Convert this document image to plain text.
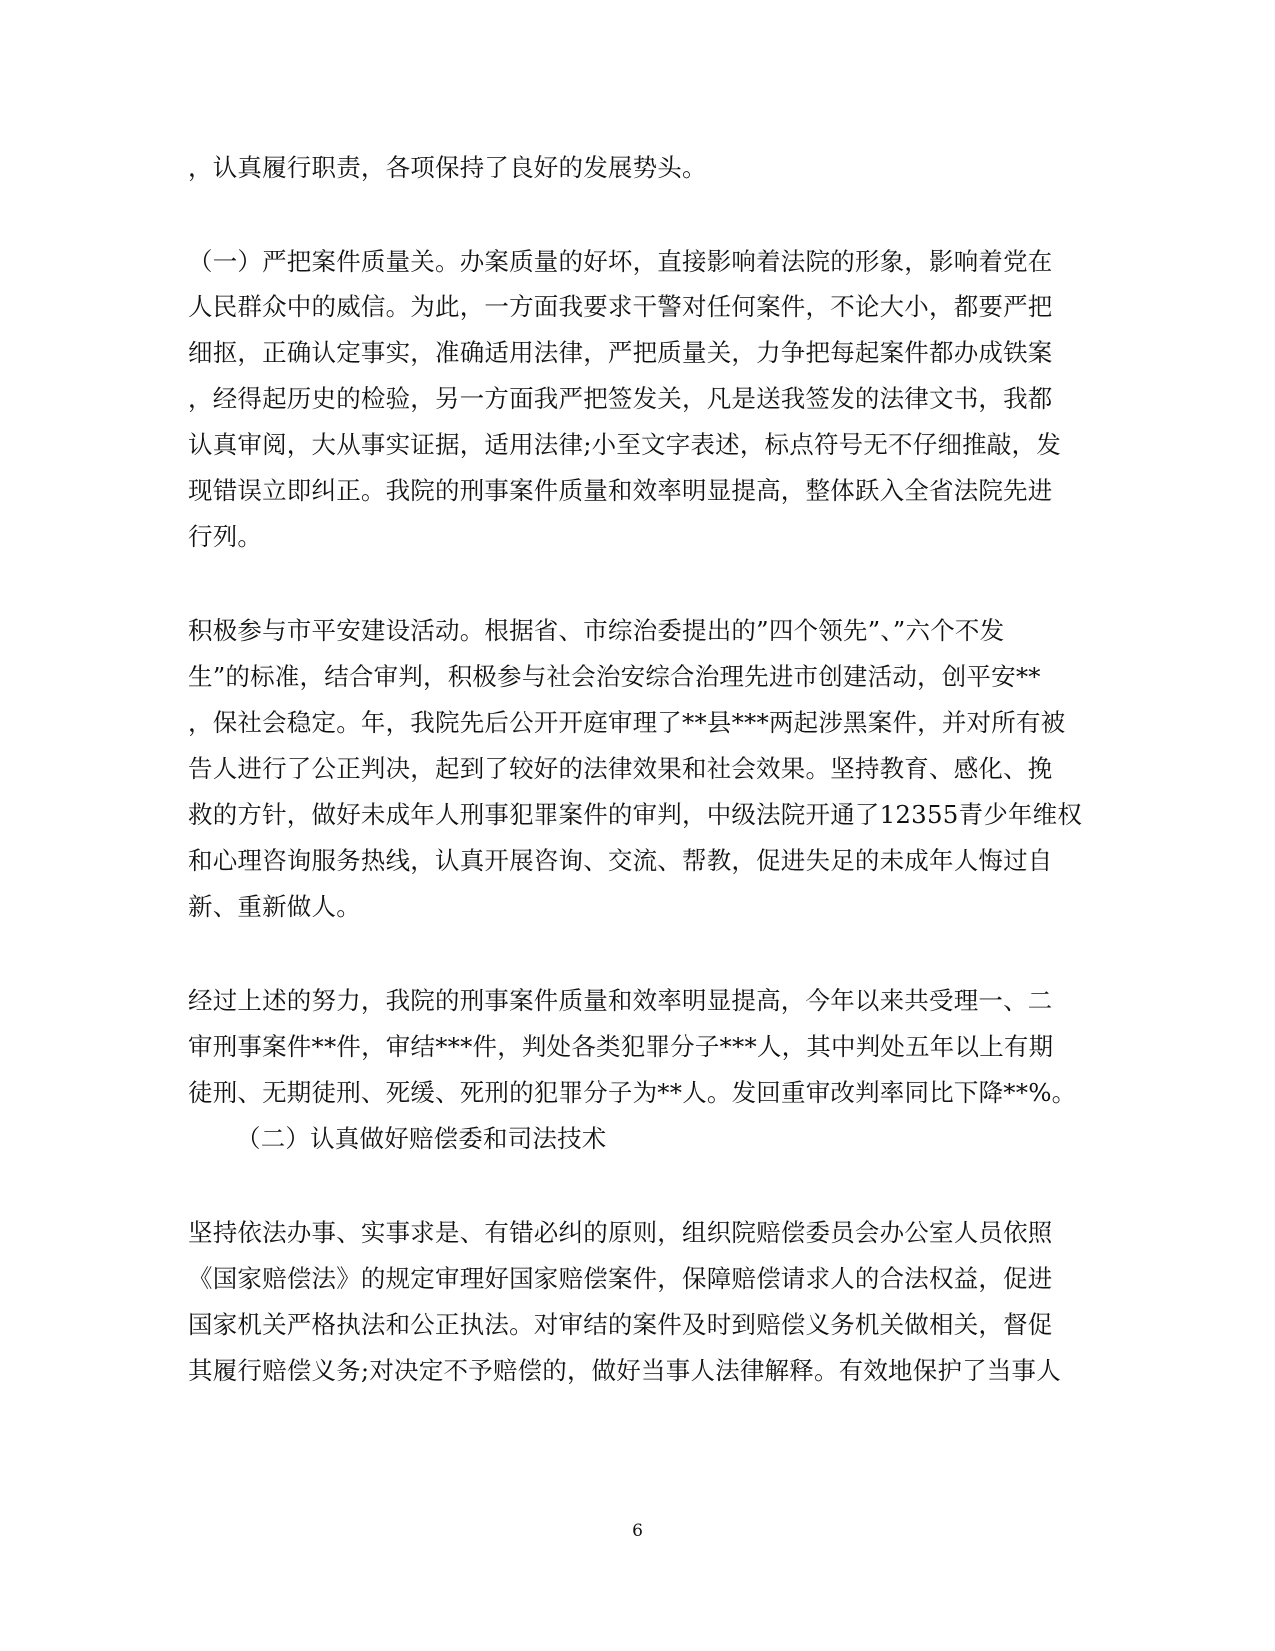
，认真履行职责，各项保持了良好的发展势头。
（一）严把案件质量关。办案质量的好坏，直接影响着法院的形象，影响着党在
人民群众中的威信。为此，一方面我要求干警对任何案件，不论大小，都要严把
细抠，正确认定事实，准确适用法律，严把质量关，力争把每起案件都办成铁案
，经得起历史的检验，另一方面我严把签发关，凡是送我签发的法律文书，我都
认真审阅，大从事实证据，适用法律;小至文字表述，标点符号无不仔细推敲，发
现错误立即纠正。我院的刑事案件质量和效率明显提高，整体跃入全省法院先进
行列。
积极参与市平安建设活动。根据省、市综治委提出的”四个领先”、”六个不发
生”的标准，结合审判，积极参与社会治安综合治理先进市创建活动，创平安**
，保社会稳定。年，我院先后公开开庭审理了**县***两起涉黑案件，并对所有被
告人进行了公正判决，起到了较好的法律效果和社会效果。坚持教育、感化、挽
救的方针，做好未成年人刑事犯罪案件的审判，中级法院开通了12355青少年维权
和心理咨询服务热线，认真开展咨询、交流、帮教，促进失足的未成年人悔过自
新、重新做人。
经过上述的努力，我院的刑事案件质量和效率明显提高，今年以来共受理一、二
审刑事案件**件，审结***件，判处各类犯罪分子***人，其中判处五年以上有期
徒刑、无期徒刑、死缓、死刑的犯罪分子为**人。发回重审改判率同比下降**%。
（二）认真做好赔偿委和司法技术
坚持依法办事、实事求是、有错必纠的原则，组织院赔偿委员会办公室人员依照
《国家赔偿法》的规定审理好国家赔偿案件，保障赔偿请求人的合法权益，促进
国家机关严格执法和公正执法。对审结的案件及时到赔偿义务机关做相关，督促
其履行赔偿义务;对决定不予赔偿的，做好当事人法律解释。有效地保护了当事人
6
